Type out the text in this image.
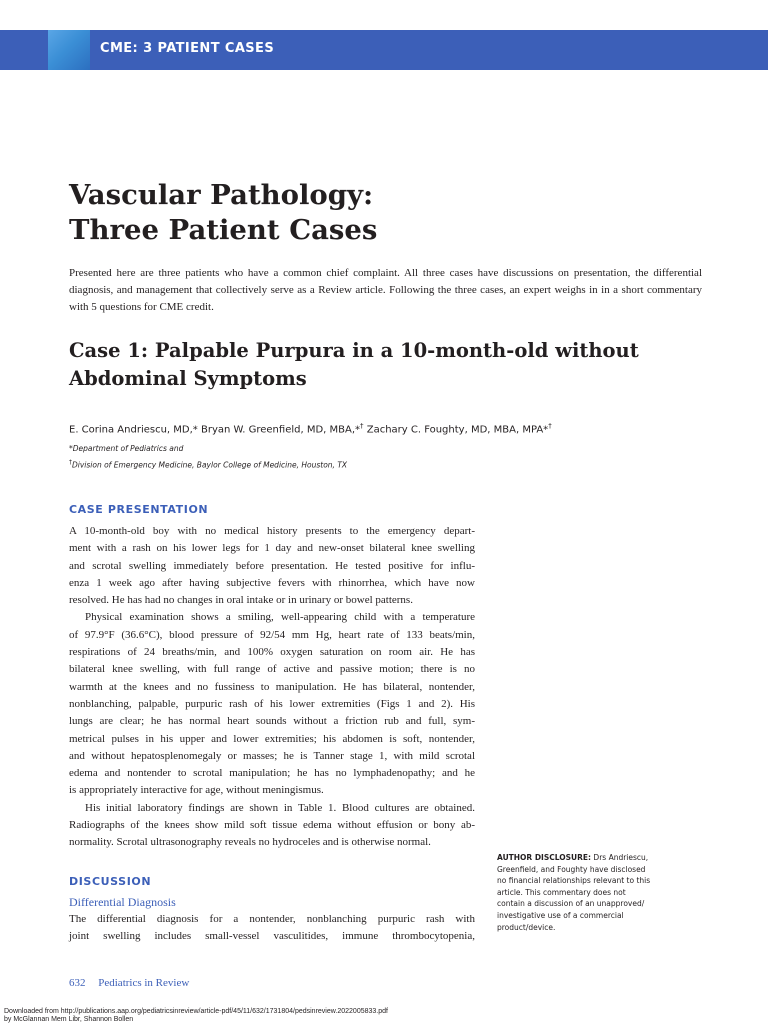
CME: 3 PATIENT CASES
Vascular Pathology:
Three Patient Cases

Presented here are three patients who have a common chief complaint. All three cases have discussions on presentation, the differential diagnosis, and management that collectively serve as a Review article. Following the three cases, an expert weighs in in a short commentary with 5 questions for CME credit.

Case 1: Palpable Purpura in a 10-month-old without
Abdominal Symptoms
E. Corina Andriescu, MD,* Bryan W. Greenfield, MD, MBA,*† Zachary C. Foughty, MD, MBA, MPA*†
*Department of Pediatrics and
†Division of Emergency Medicine, Baylor College of Medicine, Houston, TX
CASE PRESENTATION
A 10-month-old boy with no medical history presents to the emergency depart-
ment with a rash on his lower legs for 1 day and new-onset bilateral knee swelling
and scrotal swelling immediately before presentation. He tested positive for influ-
enza 1 week ago after having subjective fevers with rhinorrhea, which have now
resolved. He has had no changes in oral intake or in urinary or bowel patterns.
Physical examination shows a smiling, well-appearing child with a temperature
of 97.9°F (36.6°C), blood pressure of 92/54 mm Hg, heart rate of 133 beats/min,
respirations of 24 breaths/min, and 100% oxygen saturation on room air. He has
bilateral knee swelling, with full range of active and passive motion; there is no
warmth at the knees and no fussiness to manipulation. He has bilateral, nontender,
nonblanching, palpable, purpuric rash of his lower extremities (Figs 1 and 2). His
lungs are clear; he has normal heart sounds without a friction rub and full, sym-
metrical pulses in his upper and lower extremities; his abdomen is soft, nontender,
and without hepatosplenomegaly or masses; he is Tanner stage 1, with mild scrotal
edema and nontender to scrotal manipulation; he has no lymphadenopathy; and he
is appropriately interactive for age, without meningismus.
His initial laboratory findings are shown in Table 1. Blood cultures are obtained.
Radiographs of the knees show mild soft tissue edema without effusion or bony ab-
normality. Scrotal ultrasonography reveals no hydroceles and is otherwise normal.
DISCUSSION
Differential Diagnosis
The differential diagnosis for a nontender, nonblanching purpuric rash with
joint swelling includes small-vessel vasculitides, immune thrombocytopenia,
AUTHOR DISCLOSURE: Drs Andriescu,
Greenfield, and Foughty have disclosed
no financial relationships relevant to this
article. This commentary does not
contain a discussion of an unapproved/
investigative use of a commercial
product/device.
632 Pediatrics in Review
Downloaded from http://publications.aap.org/pediatricsinreview/article-pdf/45/11/632/1731804/pedsinreview.2022005833.pdf
by McGlannan Mem Libr, Shannon Bollen
